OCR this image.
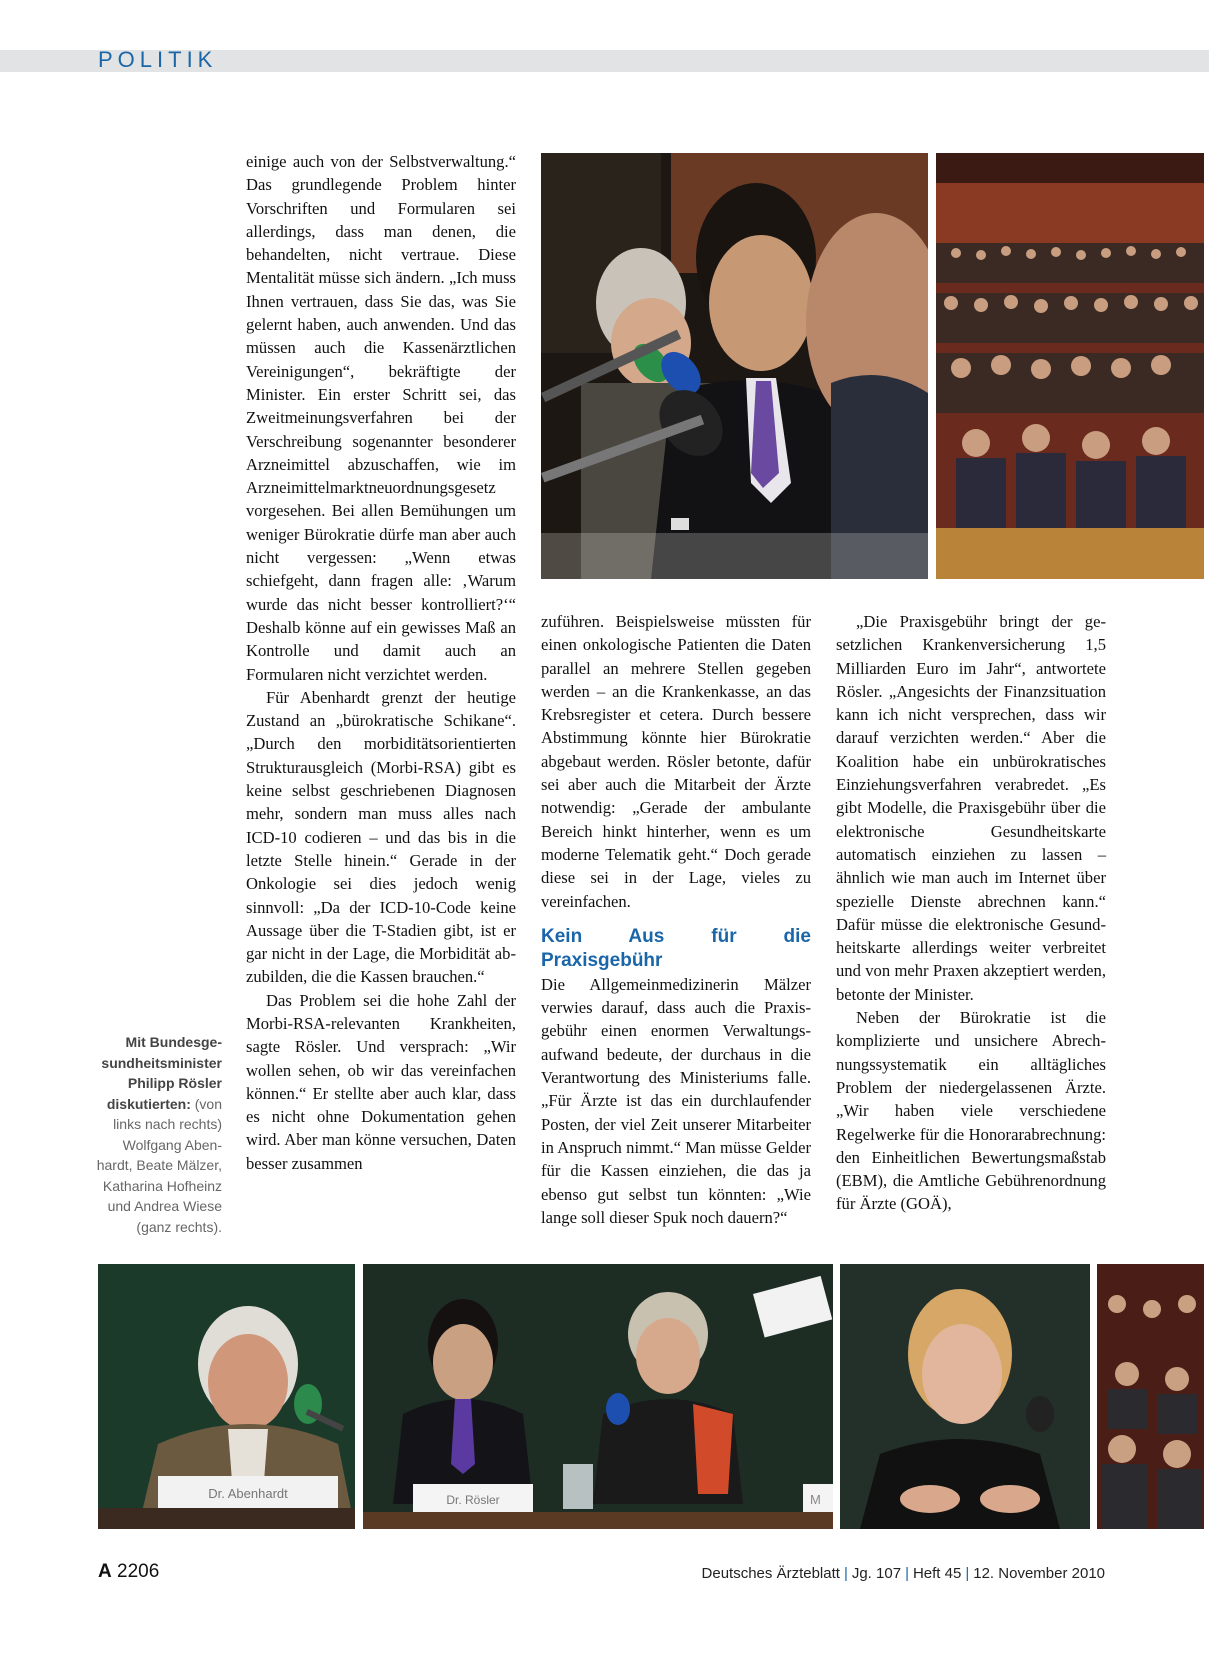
POLITIK

einige auch von der Selbstverwaltung.“ Das grundlegende Problem hinter Vorschriften und Formularen sei allerdings, dass man denen, die behandelten, nicht vertraue. Diese Mentalität müsse sich ändern. „Ich muss Ihnen vertrauen, dass Sie das, was Sie gelernt haben, auch anwenden. Und das müssen auch die Kassenärztlichen Vereinigungen“, bekräftigte der Minister. Ein erster Schritt sei, das Zweitmeinungsverfahren bei der Verschreibung sogenannter besonderer Arzneimittel abzuschaffen, wie im Arzneimittelmarktneuordnungsgesetz vorgesehen. Bei allen Bemühungen um weniger Bürokratie dürfe man aber auch nicht vergessen: „Wenn etwas schiefgeht, dann fragen alle: ‚Warum wurde das nicht besser kontrolliert?‘“ Deshalb könne auf ein gewisses Maß an Kontrolle und damit auch an Formularen nicht verzichtet werden.

Für Abenhardt grenzt der heutige Zustand an „bürokratische Schikane“. „Durch den morbiditätsorientierten Strukturausgleich (Morbi-RSA) gibt es keine selbst geschriebenen Diagnosen mehr, sondern man muss alles nach ICD-10 codieren – und das bis in die letzte Stelle hinein.“ Gerade in der Onkologie sei dies jedoch wenig sinnvoll: „Da der ICD-10-Code keine Aussage über die T-Stadien gibt, ist er gar nicht in der Lage, die Morbidität abzubilden, die die Kassen brauchen.“

Das Problem sei die hohe Zahl der Morbi-RSA-relevanten Krankheiten, sagte Rösler. Und versprach: „Wir wollen sehen, ob wir das vereinfachen können.“ Er stellte aber auch klar, dass es nicht ohne Dokumentation gehen wird. Aber man könne versuchen, Daten besser zusammen

zuführen. Beispielsweise müssten für einen onkologische Patienten die Daten parallel an mehrere Stellen gegeben werden – an die Krankenkasse, an das Krebsregister et cetera. Durch bessere Abstimmung könnte hier Bürokratie abgebaut werden. Rösler betonte, dafür sei aber auch die Mitarbeit der Ärzte notwendig: „Gerade der ambulante Bereich hinkt hinterher, wenn es um moderne Telematik geht.“ Doch gerade diese sei in der Lage, vieles zu vereinfachen.

Kein Aus für die Praxisgebühr

Die Allgemeinmedizinerin Mälzer verwies darauf, dass auch die Praxisgebühr einen enormen Verwaltungsaufwand bedeute, der durchaus in die Verantwortung des Ministeriums falle. „Für Ärzte ist das ein durchlaufender Posten, der viel Zeit unserer Mitarbeiter in Anspruch nimmt.“ Man müsse Gelder für die Kassen einziehen, die das ja ebenso gut selbst tun könnten: „Wie lange soll dieser Spuk noch dauern?“

„Die Praxisgebühr bringt der gesetzlichen Krankenversicherung 1,5 Milliarden Euro im Jahr“, antwortete Rösler. „Angesichts der Finanzsituation kann ich nicht versprechen, dass wir darauf verzichten werden.“ Aber die Koalition habe ein unbürokratisches Einziehungsverfahren verabredet. „Es gibt Modelle, die Praxisgebühr über die elektronische Gesundheitskarte automatisch einziehen zu lassen – ähnlich wie man auch im Internet über spezielle Dienste abrechnen kann.“ Dafür müsse die elektronische Gesundheitskarte allerdings weiter verbreitet und von mehr Praxen akzeptiert werden, betonte der Minister.

Neben der Bürokratie ist die komplizierte und unsichere Abrechnungssystematik ein alltägliches Problem der niedergelassenen Ärzte. „Wir haben viele verschiedene Regelwerke für die Honorarabrechnung: den Einheitlichen Bewertungsmaßstab (EBM), die Amtliche Gebührenordnung für Ärzte (GOÄ),

Mit Bundesgesundheitsminister Philipp Rösler diskutierten: (von links nach rechts) Wolfgang Abenhardt, Beate Mälzer, Katharina Hofheinz und Andrea Wiese (ganz rechts).
Dr. Abenhardt	Dr. Rösler	M
A 2206	Deutsches Ärzteblatt | Jg. 107 | Heft 45 | 12. November 2010
